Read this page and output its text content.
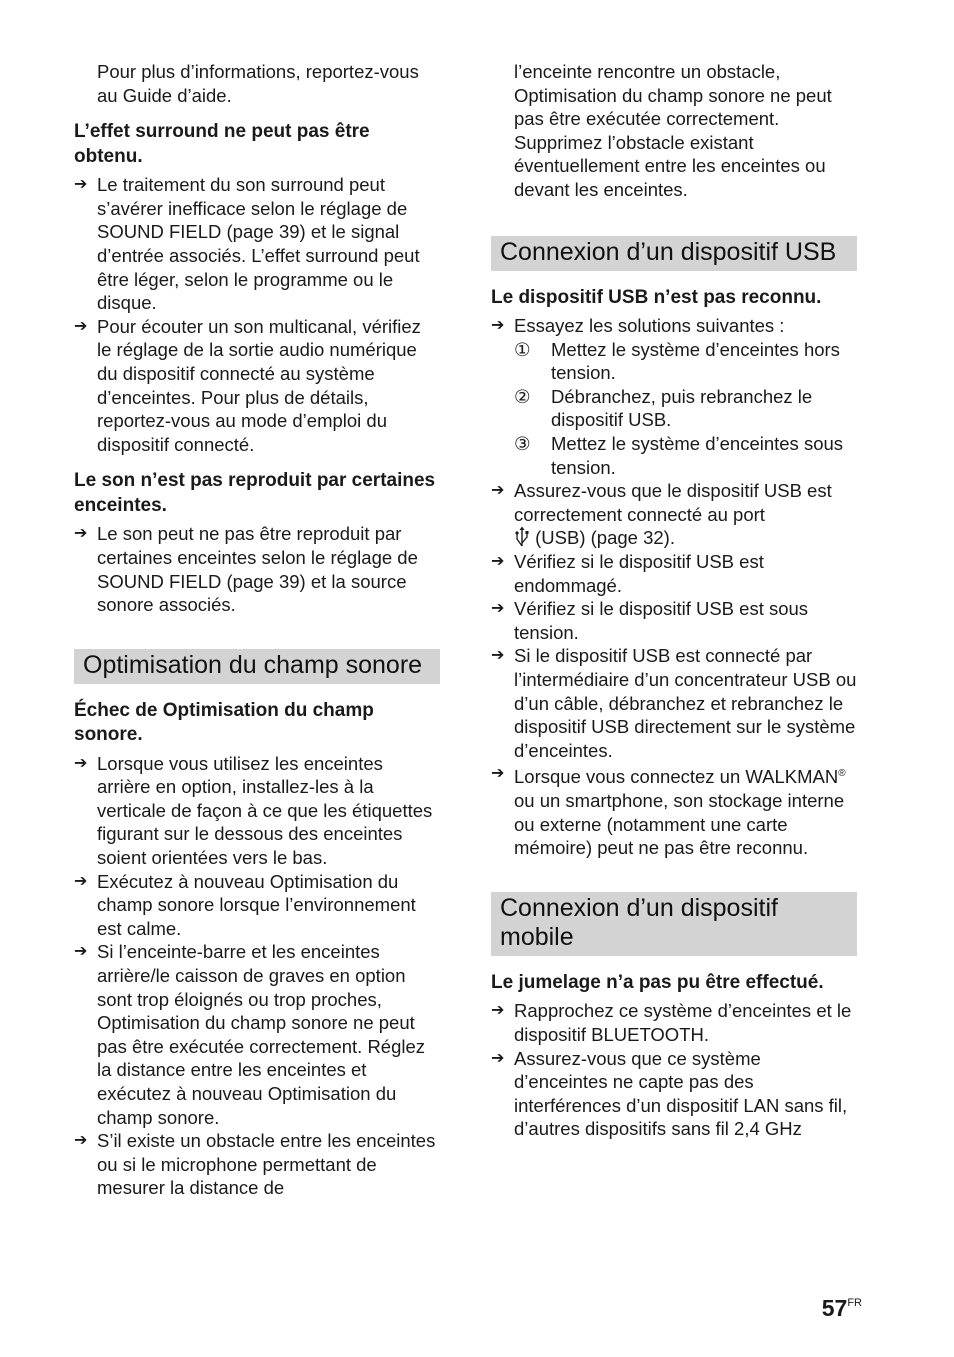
Pour plus d’informations, reportez-vous au Guide d’aide.

L’effet surround ne peut pas être obtenu.

➔ Le traitement du son surround peut s’avérer inefficace selon le réglage de SOUND FIELD (page 39) et le signal d’entrée associés. L’effet surround peut être léger, selon le programme ou le disque.
➔ Pour écouter un son multicanal, vérifiez le réglage de la sortie audio numérique du dispositif connecté au système d’enceintes. Pour plus de détails, reportez-vous au mode d’emploi du dispositif connecté.

Le son n’est pas reproduit par certaines enceintes.

➔ Le son peut ne pas être reproduit par certaines enceintes selon le réglage de SOUND FIELD (page 39) et la source sonore associés.
Optimisation du champ sonore

Échec de Optimisation du champ sonore.

➔ Lorsque vous utilisez les enceintes arrière en option, installez-les à la verticale de façon à ce que les étiquettes figurant sur le dessous des enceintes soient orientées vers le bas.
➔ Exécutez à nouveau Optimisation du champ sonore lorsque l’environnement est calme.
➔ Si l’enceinte-barre et les enceintes arrière/le caisson de graves en option sont trop éloignés ou trop proches, Optimisation du champ sonore ne peut pas être exécutée correctement. Réglez la distance entre les enceintes et exécutez à nouveau Optimisation du champ sonore.
➔ S’il existe un obstacle entre les enceintes ou si le microphone permettant de mesurer la distance de

l’enceinte rencontre un obstacle, Optimisation du champ sonore ne peut pas être exécutée correctement. Supprimez l’obstacle existant éventuellement entre les enceintes ou devant les enceintes.

Connexion d’un dispositif USB

Le dispositif USB n’est pas reconnu.

➔ Essayez les solutions suivantes :
① Mettez le système d’enceintes hors tension.
② Débranchez, puis rebranchez le dispositif USB.
③ Mettez le système d’enceintes sous tension.
➔ Assurez-vous que le dispositif USB est correctement connecté au port
(USB) (page 32).
➔ Vérifiez si le dispositif USB est endommagé.
➔ Vérifiez si le dispositif USB est sous tension.
➔ Si le dispositif USB est connecté par l’intermédiaire d’un concentrateur USB ou d’un câble, débranchez et rebranchez le dispositif USB directement sur le système d’enceintes.
➔ Lorsque vous connectez un WALKMAN® ou un smartphone, son stockage interne ou externe (notamment une carte mémoire) peut ne pas être reconnu.
Connexion d’un dispositif mobile

Le jumelage n’a pas pu être effectué.

➔ Rapprochez ce système d’enceintes et le dispositif BLUETOOTH.
➔ Assurez-vous que ce système d’enceintes ne capte pas des interférences d’un dispositif LAN sans fil, d’autres dispositifs sans fil 2,4 GHz
$57^{FR}$
